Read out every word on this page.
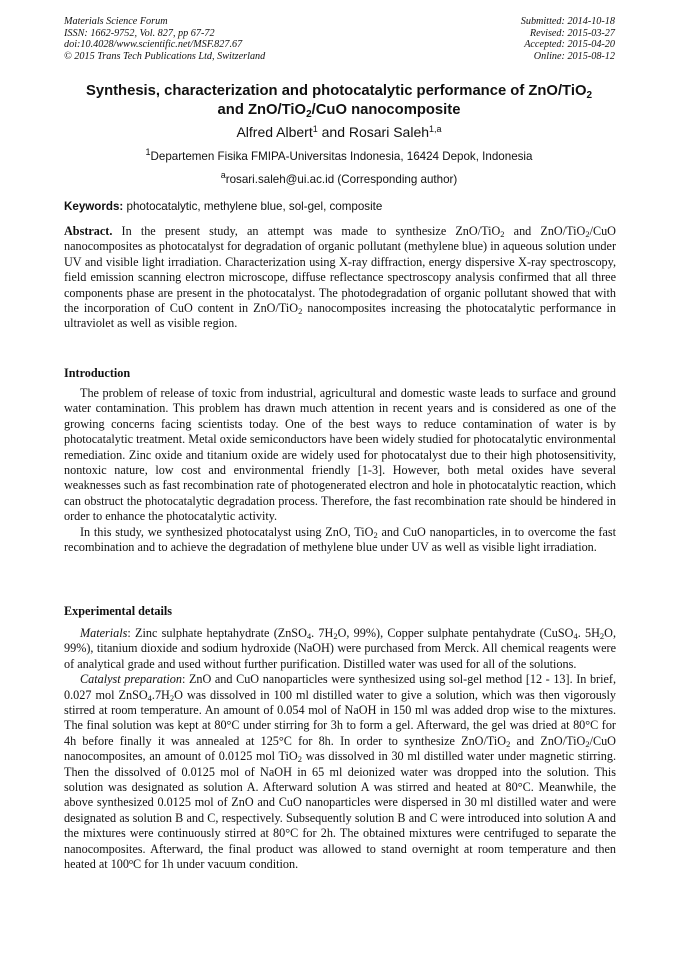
Materials Science Forum
ISSN: 1662-9752, Vol. 827, pp 67-72
doi:10.4028/www.scientific.net/MSF.827.67
© 2015 Trans Tech Publications Ltd, Switzerland
Submitted: 2014-10-18
Revised: 2015-03-27
Accepted: 2015-04-20
Online: 2015-08-12
Synthesis, characterization and photocatalytic performance of ZnO/TiO$_2$
and ZnO/TiO$_2$/CuO nanocomposite
Alfred Albert$^1$ and Rosari Saleh$^{1,a}$
$^1$Departemen Fisika FMIPA-Universitas Indonesia, 16424 Depok, Indonesia
$^a$rosari.saleh@ui.ac.id (Corresponding author)
Keywords: photocatalytic, methylene blue, sol-gel, composite

Abstract. In the present study, an attempt was made to synthesize ZnO/TiO$_2$ and ZnO/TiO$_2$/CuO nanocomposites as photocatalyst for degradation of organic pollutant (methylene blue) in aqueous solution under UV and visible light irradiation. Characterization using X-ray diffraction, energy dispersive X-ray spectroscopy, field emission scanning electron microscope, diffuse reflectance spectroscopy analysis confirmed that all three components phase are present in the photocatalyst. The photodegradation of organic pollutant showed that with the incorporation of CuO content in ZnO/TiO$_2$ nanocomposites increasing the photocatalytic performance in ultraviolet as well as visible region.

Introduction

The problem of release of toxic from industrial, agricultural and domestic waste leads to surface and ground water contamination. This problem has drawn much attention in recent years and is considered as one of the growing concerns facing scientists today. One of the best ways to reduce contamination of water is by photocatalytic treatment. Metal oxide semiconductors have been widely studied for photocatalytic environmental remediation. Zinc oxide and titanium oxide are widely used for photocatalyst due to their high photosensitivity, nontoxic nature, low cost and environmental friendly [1-3]. However, both metal oxides have several weaknesses such as fast recombination rate of photogenerated electron and hole in photocatalytic reaction, which can obstruct the photocatalytic degradation process. Therefore, the fast recombination rate should be hindered in order to enhance the photocatalytic activity.

In this study, we synthesized photocatalyst using ZnO, TiO$_2$ and CuO nanoparticles, in to overcome the fast recombination and to achieve the degradation of methylene blue under UV as well as visible light irradiation.

Experimental details

Materials: Zinc sulphate heptahydrate (ZnSO$_4$. $7H_2O$, 99%), Copper sulphate pentahydrate (CuSO$_4$. $5H_2O$, 99%), titanium dioxide and sodium hydroxide (NaOH) were purchased from Merck. All chemical reagents were of analytical grade and used without further purification. Distilled water was used for all of the solutions.

Catalyst preparation: ZnO and CuO nanoparticles were synthesized using sol-gel method [12 - 13]. In brief, 0.027 mol $ZnSO_4.7H_2O$ was dissolved in 100 ml distilled water to give a solution, which was then vigorously stirred at room temperature. An amount of 0.054 mol of NaOH in 150 ml was added drop wise to the mixtures. The final solution was kept at 80°C under stirring for 3h to form a gel. Afterward, the gel was dried at 80°C for 4h before finally it was annealed at 125°C for 8h. In order to synthesize ZnO/TiO$_2$ and ZnO/TiO$_2$/CuO nanocomposites, an amount of 0.0125 mol TiO$_2$ was dissolved in 30 ml distilled water under magnetic stirring. Then the dissolved of 0.0125 mol of NaOH in 65 ml deionized water was dropped into the solution. This solution was designated as solution A. Afterward solution A was stirred and heated at 80°C. Meanwhile, the above synthesized 0.0125 mol of ZnO and CuO nanoparticles were dispersed in 30 ml distilled water and were designated as solution B and C, respectively. Subsequently solution B and C were introduced into solution A and the mixtures were continuously stirred at 80°C for 2h. The obtained mixtures were centrifuged to separate the nanocomposites. Afterward, the final product was allowed to stand overnight at room temperature and then heated at 100$^o$C for 1h under vacuum condition.
